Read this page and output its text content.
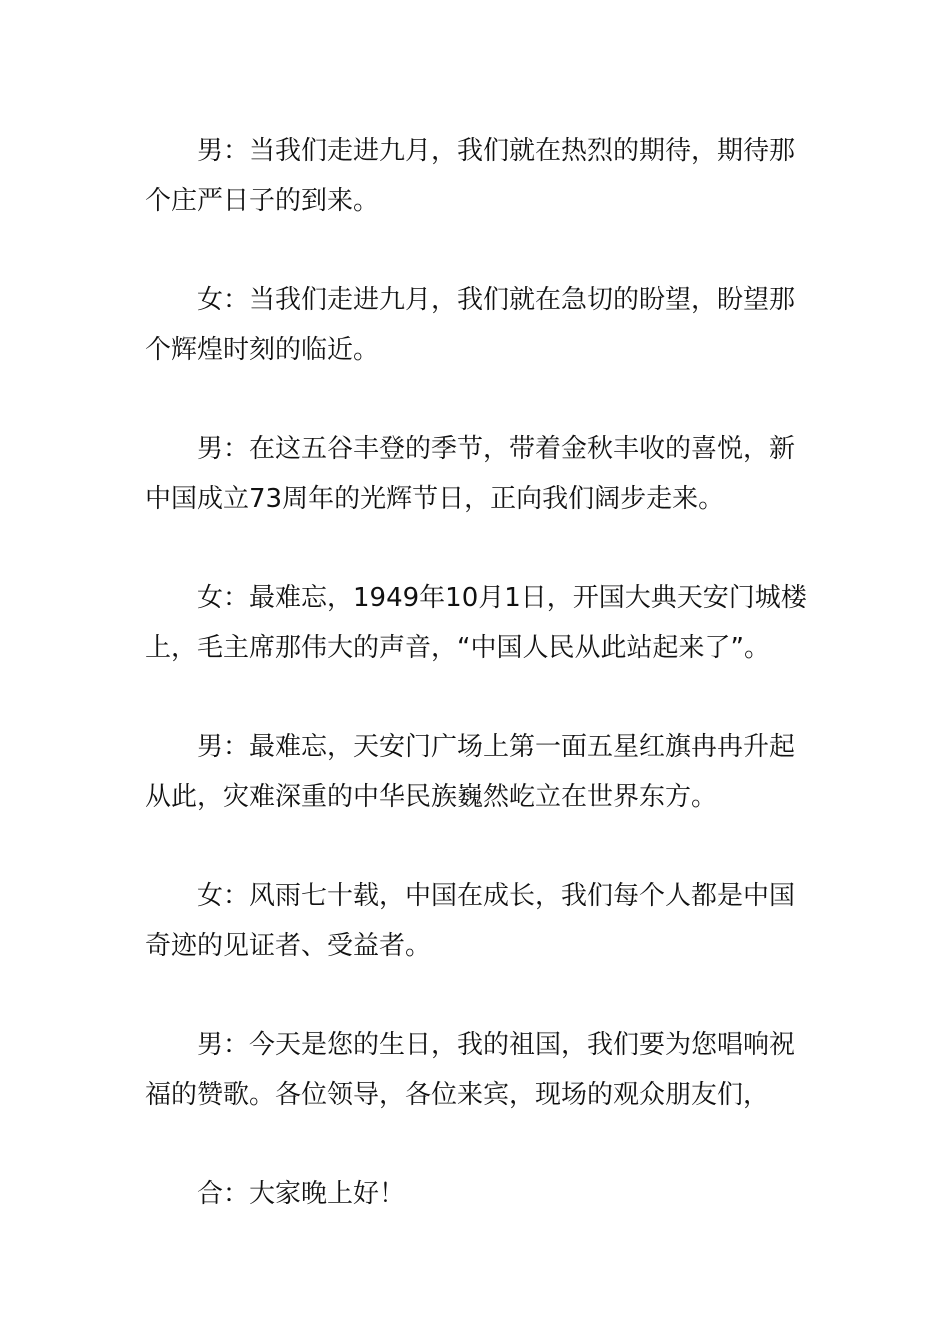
男：当我们走进九月，我们就在热烈的期待，期待那个庄严日子的到来。

女：当我们走进九月，我们就在急切的盼望，盼望那个辉煌时刻的临近。

男：在这五谷丰登的季节，带着金秋丰收的喜悦，新中国成立73周年的光辉节日，正向我们阔步走来。

女：最难忘，1949年10月1日，开国大典天安门城楼上，毛主席那伟大的声音，“中国人民从此站起来了”。

男：最难忘，天安门广场上第一面五星红旗冉冉升起从此，灾难深重的中华民族巍然屹立在世界东方。

女：风雨七十载，中国在成长，我们每个人都是中国奇迹的见证者、受益者。

男：今天是您的生日，我的祖国，我们要为您唱响祝福的赞歌。各位领导，各位来宾，现场的观众朋友们，

合：大家晚上好！
